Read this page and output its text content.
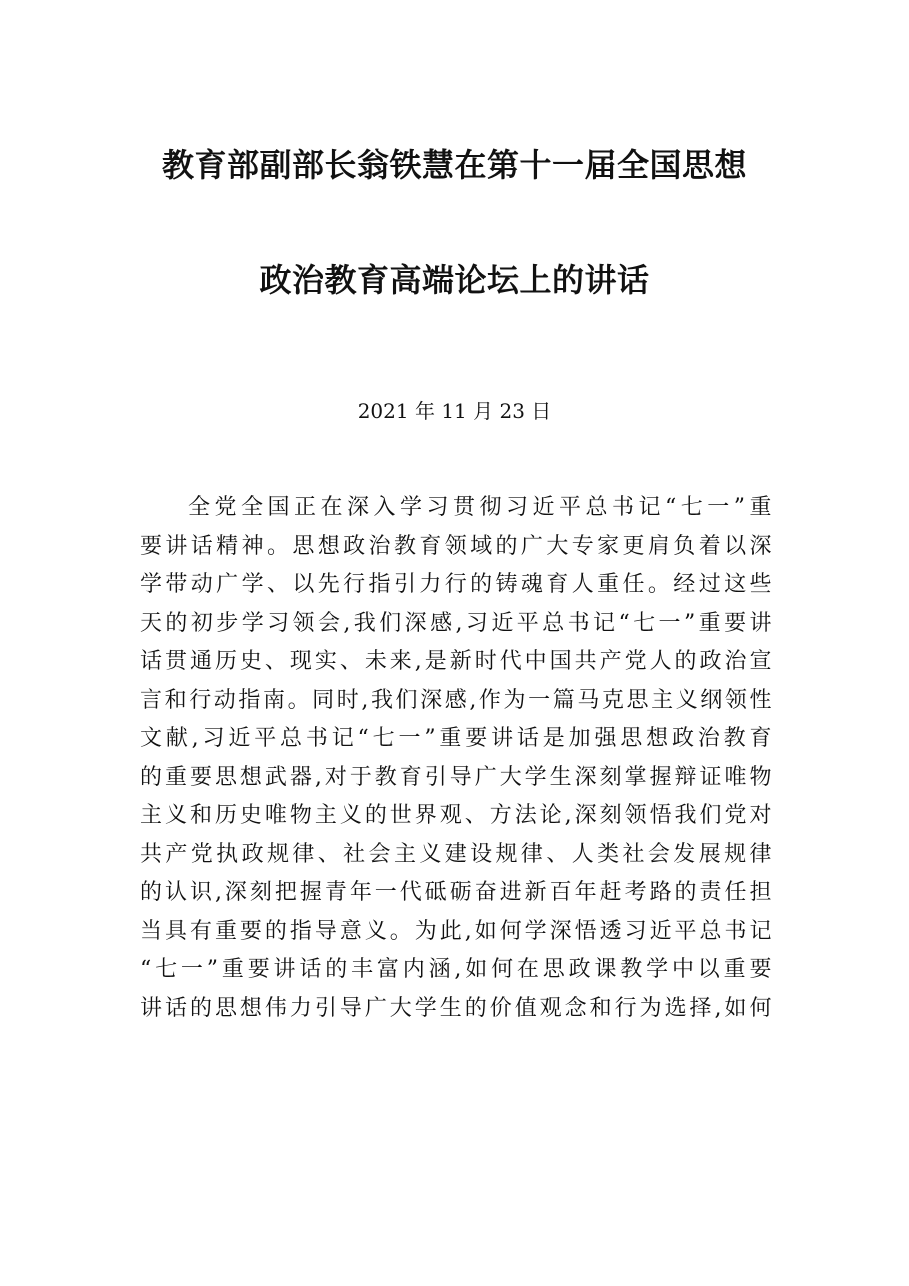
教育部副部长翁铁慧在第十一届全国思想
政治教育高端论坛上的讲话
2021 年 11 月 23 日
全党全国正在深入学习贯彻习近平总书记“七一”重
要讲话精神。思想政治教育领域的广大专家更肩负着以深
学带动广学、以先行指引力行的铸魂育人重任。经过这些
天的初步学习领会,我们深感,习近平总书记“七一”重要讲
话贯通历史、现实、未来,是新时代中国共产党人的政治宣
言和行动指南。同时,我们深感,作为一篇马克思主义纲领性
文献,习近平总书记“七一”重要讲话是加强思想政治教育
的重要思想武器,对于教育引导广大学生深刻掌握辩证唯物
主义和历史唯物主义的世界观、方法论,深刻领悟我们党对
共产党执政规律、社会主义建设规律、人类社会发展规律
的认识,深刻把握青年一代砥砺奋进新百年赶考路的责任担
当具有重要的指导意义。为此,如何学深悟透习近平总书记
“七一”重要讲话的丰富内涵,如何在思政课教学中以重要
讲话的思想伟力引导广大学生的价值观念和行为选择,如何
